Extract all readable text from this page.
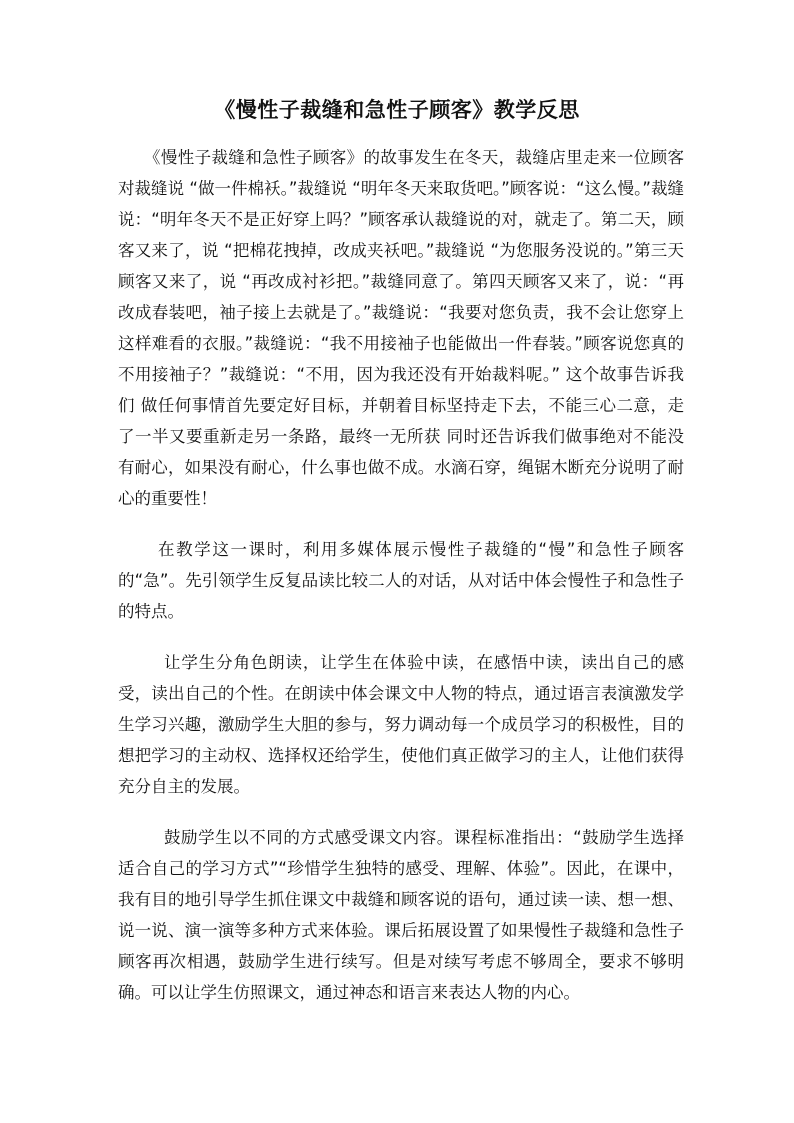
《慢性子裁缝和急性子顾客》教学反思

《慢性子裁缝和急性子顾客》的故事发生在冬天，裁缝店里走来一位顾客对裁缝说 “做一件棉袄。”裁缝说 “明年冬天来取货吧。”顾客说：“这么慢。”裁缝说：“明年冬天不是正好穿上吗？”顾客承认裁缝说的对，就走了。第二天，顾客又来了，说 “把棉花拽掉，改成夹袄吧。”裁缝说 “为您服务没说的。”第三天顾客又来了，说 “再改成衬衫把。”裁缝同意了。第四天顾客又来了，说：“再改成春装吧，袖子接上去就是了。”裁缝说：“我要对您负责，我不会让您穿上这样难看的衣服。”裁缝说：“我不用接袖子也能做出一件春装。”顾客说您真的不用接袖子？”裁缝说：“不用，因为我还没有开始裁料呢。” 这个故事告诉我们 做任何事情首先要定好目标，并朝着目标坚持走下去，不能三心二意，走了一半又要重新走另一条路，最终一无所获 同时还告诉我们做事绝对不能没有耐心，如果没有耐心，什么事也做不成。水滴石穿，绳锯木断充分说明了耐心的重要性！

在教学这一课时，利用多媒体展示慢性子裁缝的“慢”和急性子顾客的“急”。先引领学生反复品读比较二人的对话，从对话中体会慢性子和急性子的特点。

让学生分角色朗读，让学生在体验中读，在感悟中读，读出自己的感受，读出自己的个性。在朗读中体会课文中人物的特点，通过语言表演激发学生学习兴趣，激励学生大胆的参与，努力调动每一个成员学习的积极性，目的想把学习的主动权、选择权还给学生，使他们真正做学习的主人，让他们获得充分自主的发展。

鼓励学生以不同的方式感受课文内容。课程标准指出：“鼓励学生选择适合自己的学习方式”“珍惜学生独特的感受、理解、体验”。因此，在课中，我有目的地引导学生抓住课文中裁缝和顾客说的语句，通过读一读、想一想、说一说、演一演等多种方式来体验。课后拓展设置了如果慢性子裁缝和急性子顾客再次相遇，鼓励学生进行续写。但是对续写考虑不够周全，要求不够明确。可以让学生仿照课文，通过神态和语言来表达人物的内心。
